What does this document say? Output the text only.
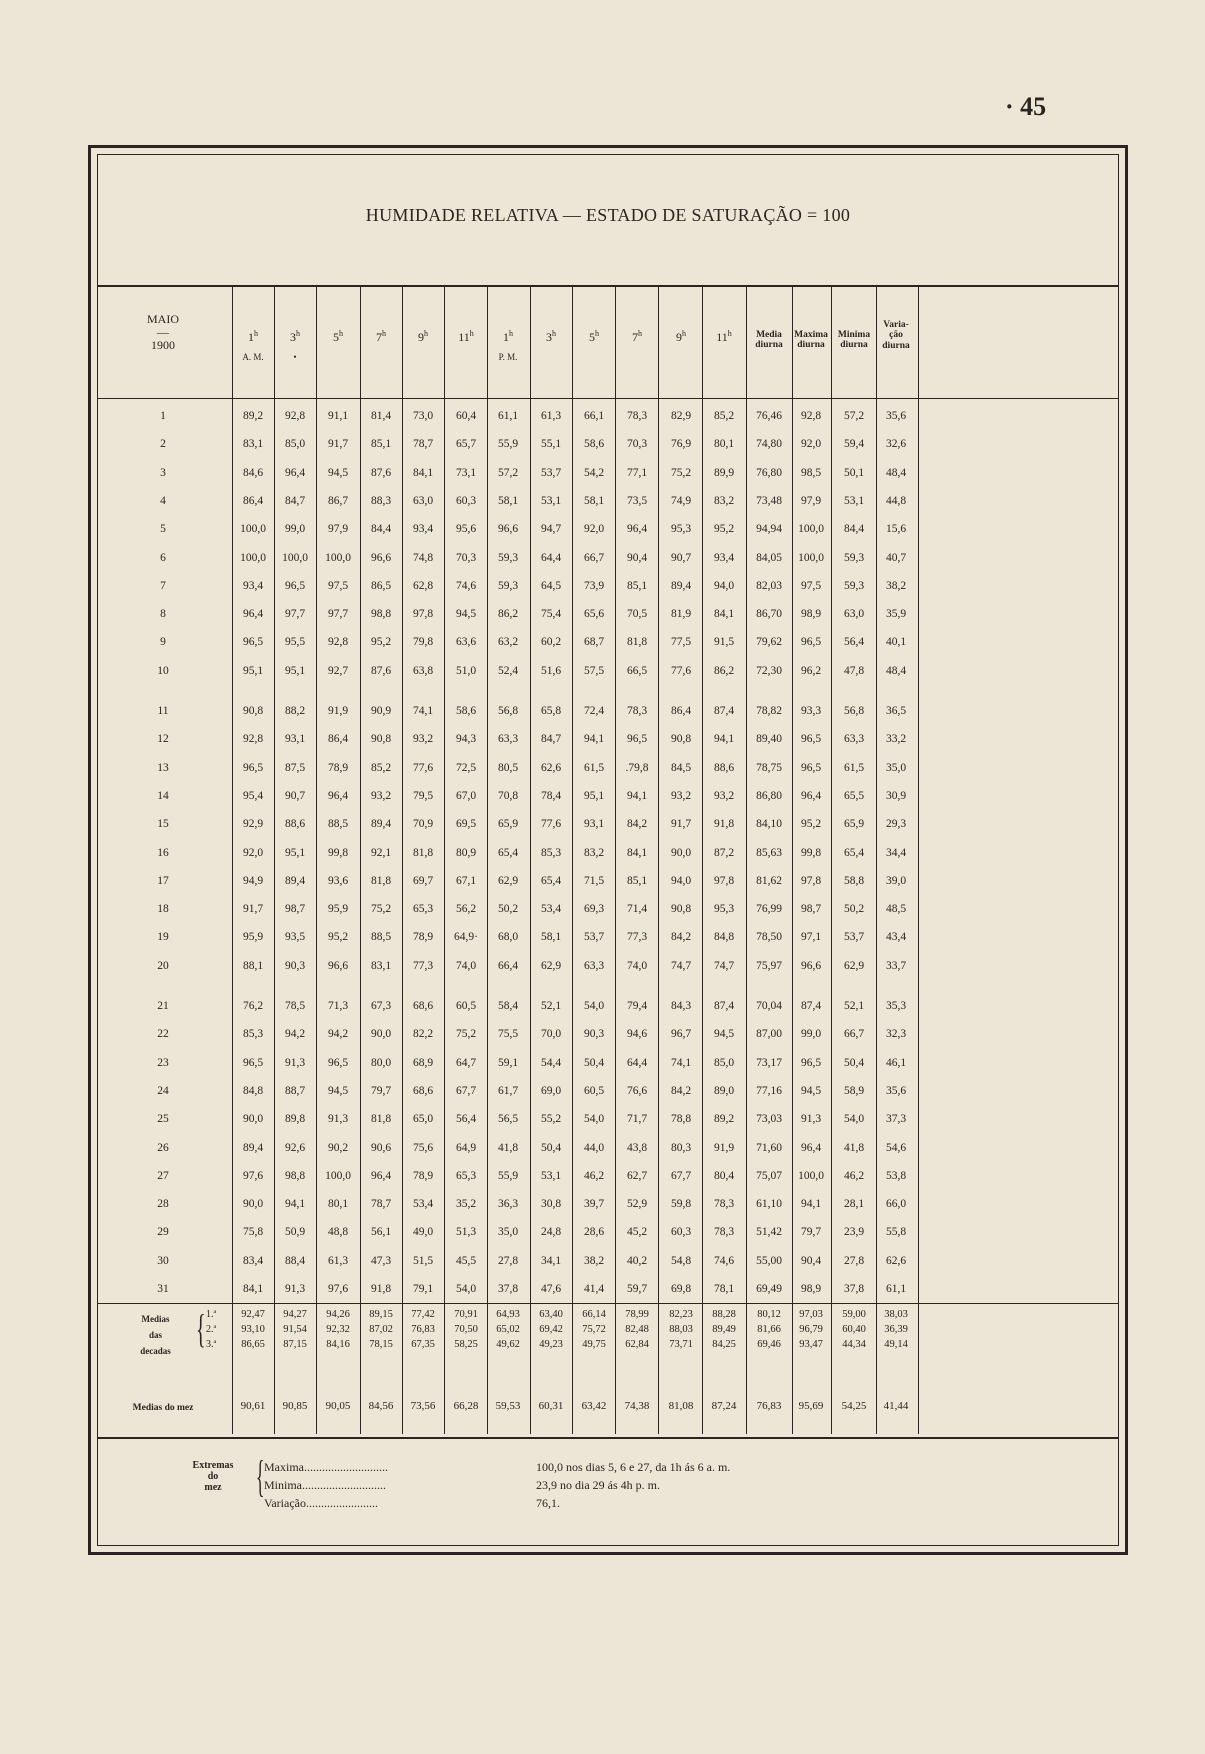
· 45
HUMIDADE RELATIVA — ESTADO DE SATURAÇÃO = 100
MAIO
—
1900
1$^h$	3$^h$	5$^h$	7$^h$	9$^h$	11$^h$	1$^h$	3$^h$	5$^h$	7$^h$	9$^h$	11$^h$
A. M.	•	P. M.
Media
diurna
Maxima
diurna
Minima
diurna
Varia-
ção
diurna
1	89,2	92,8	91,1	81,4	73,0	60,4	61,1	61,3	66,1	78,3	82,9	85,2	76,46	92,8	57,2	35,6
2	83,1	85,0	91,7	85,1	78,7	65,7	55,9	55,1	58,6	70,3	76,9	80,1	74,80	92,0	59,4	32,6
3	84,6	96,4	94,5	87,6	84,1	73,1	57,2	53,7	54,2	77,1	75,2	89,9	76,80	98,5	50,1	48,4
4	86,4	84,7	86,7	88,3	63,0	60,3	58,1	53,1	58,1	73,5	74,9	83,2	73,48	97,9	53,1	44,8
5	100,0	99,0	97,9	84,4	93,4	95,6	96,6	94,7	92,0	96,4	95,3	95,2	94,94	100,0	84,4	15,6
6	100,0	100,0	100,0	96,6	74,8	70,3	59,3	64,4	66,7	90,4	90,7	93,4	84,05	100,0	59,3	40,7
7	93,4	96,5	97,5	86,5	62,8	74,6	59,3	64,5	73,9	85,1	89,4	94,0	82,03	97,5	59,3	38,2
8	96,4	97,7	97,7	98,8	97,8	94,5	86,2	75,4	65,6	70,5	81,9	84,1	86,70	98,9	63,0	35,9
9	96,5	95,5	92,8	95,2	79,8	63,6	63,2	60,2	68,7	81,8	77,5	91,5	79,62	96,5	56,4	40,1
10	95,1	95,1	92,7	87,6	63,8	51,0	52,4	51,6	57,5	66,5	77,6	86,2	72,30	96,2	47,8	48,4
11	90,8	88,2	91,9	90,9	74,1	58,6	56,8	65,8	72,4	78,3	86,4	87,4	78,82	93,3	56,8	36,5
12	92,8	93,1	86,4	90,8	93,2	94,3	63,3	84,7	94,1	96,5	90,8	94,1	89,40	96,5	63,3	33,2
13	96,5	87,5	78,9	85,2	77,6	72,5	80,5	62,6	61,5	.79,8	84,5	88,6	78,75	96,5	61,5	35,0
14	95,4	90,7	96,4	93,2	79,5	67,0	70,8	78,4	95,1	94,1	93,2	93,2	86,80	96,4	65,5	30,9
15	92,9	88,6	88,5	89,4	70,9	69,5	65,9	77,6	93,1	84,2	91,7	91,8	84,10	95,2	65,9	29,3
16	92,0	95,1	99,8	92,1	81,8	80,9	65,4	85,3	83,2	84,1	90,0	87,2	85,63	99,8	65,4	34,4
17	94,9	89,4	93,6	81,8	69,7	67,1	62,9	65,4	71,5	85,1	94,0	97,8	81,62	97,8	58,8	39,0
18	91,7	98,7	95,9	75,2	65,3	56,2	50,2	53,4	69,3	71,4	90,8	95,3	76,99	98,7	50,2	48,5
19	95,9	93,5	95,2	88,5	78,9	64,9·	68,0	58,1	53,7	77,3	84,2	84,8	78,50	97,1	53,7	43,4
20	88,1	90,3	96,6	83,1	77,3	74,0	66,4	62,9	63,3	74,0	74,7	74,7	75,97	96,6	62,9	33,7
21	76,2	78,5	71,3	67,3	68,6	60,5	58,4	52,1	54,0	79,4	84,3	87,4	70,04	87,4	52,1	35,3
22	85,3	94,2	94,2	90,0	82,2	75,2	75,5	70,0	90,3	94,6	96,7	94,5	87,00	99,0	66,7	32,3
23	96,5	91,3	96,5	80,0	68,9	64,7	59,1	54,4	50,4	64,4	74,1	85,0	73,17	96,5	50,4	46,1
24	84,8	88,7	94,5	79,7	68,6	67,7	61,7	69,0	60,5	76,6	84,2	89,0	77,16	94,5	58,9	35,6
25	90,0	89,8	91,3	81,8	65,0	56,4	56,5	55,2	54,0	71,7	78,8	89,2	73,03	91,3	54,0	37,3
26	89,4	92,6	90,2	90,6	75,6	64,9	41,8	50,4	44,0	43,8	80,3	91,9	71,60	96,4	41,8	54,6
27	97,6	98,8	100,0	96,4	78,9	65,3	55,9	53,1	46,2	62,7	67,7	80,4	75,07	100,0	46,2	53,8
28	90,0	94,1	80,1	78,7	53,4	35,2	36,3	30,8	39,7	52,9	59,8	78,3	61,10	94,1	28,1	66,0
29	75,8	50,9	48,8	56,1	49,0	51,3	35,0	24,8	28,6	45,2	60,3	78,3	51,42	79,7	23,9	55,8
30	83,4	88,4	61,3	47,3	51,5	45,5	27,8	34,1	38,2	40,2	54,8	74,6	55,00	90,4	27,8	62,6
31	84,1	91,3	97,6	91,8	79,1	54,0	37,8	47,6	41,4	59,7	69,8	78,1	69,49	98,9	37,8	61,1
Medias
das
decadas { 1.ª	92,47	94,27	94,26	89,15	77,42	70,91	64,93	63,40	66,14	78,99	82,23	88,28	80,12	97,03	59,00	38,03
2.ª	93,10	91,54	92,32	87,02	76,83	70,50	65,02	69,42	75,72	82,48	88,03	89,49	81,66	96,79	60,40	36,39
3.ª	86,65	87,15	84,16	78,15	67,35	58,25	49,62	49,23	49,75	62,84	73,71	84,25	69,46	93,47	44,34	49,14
Medias do mez	90,61	90,85	90,05	84,56	73,56	66,28	59,53	60,31	63,42	74,38	81,08	87,24	76,83	95,69	54,25	41,44
Extremas
do
mez { Maxima............................	100,0 nos dias 5, 6 e 27, da 1h ás 6 a. m.
Minima............................	23,9 no dia 29 ás 4h p. m.
Variação........................	76,1.
